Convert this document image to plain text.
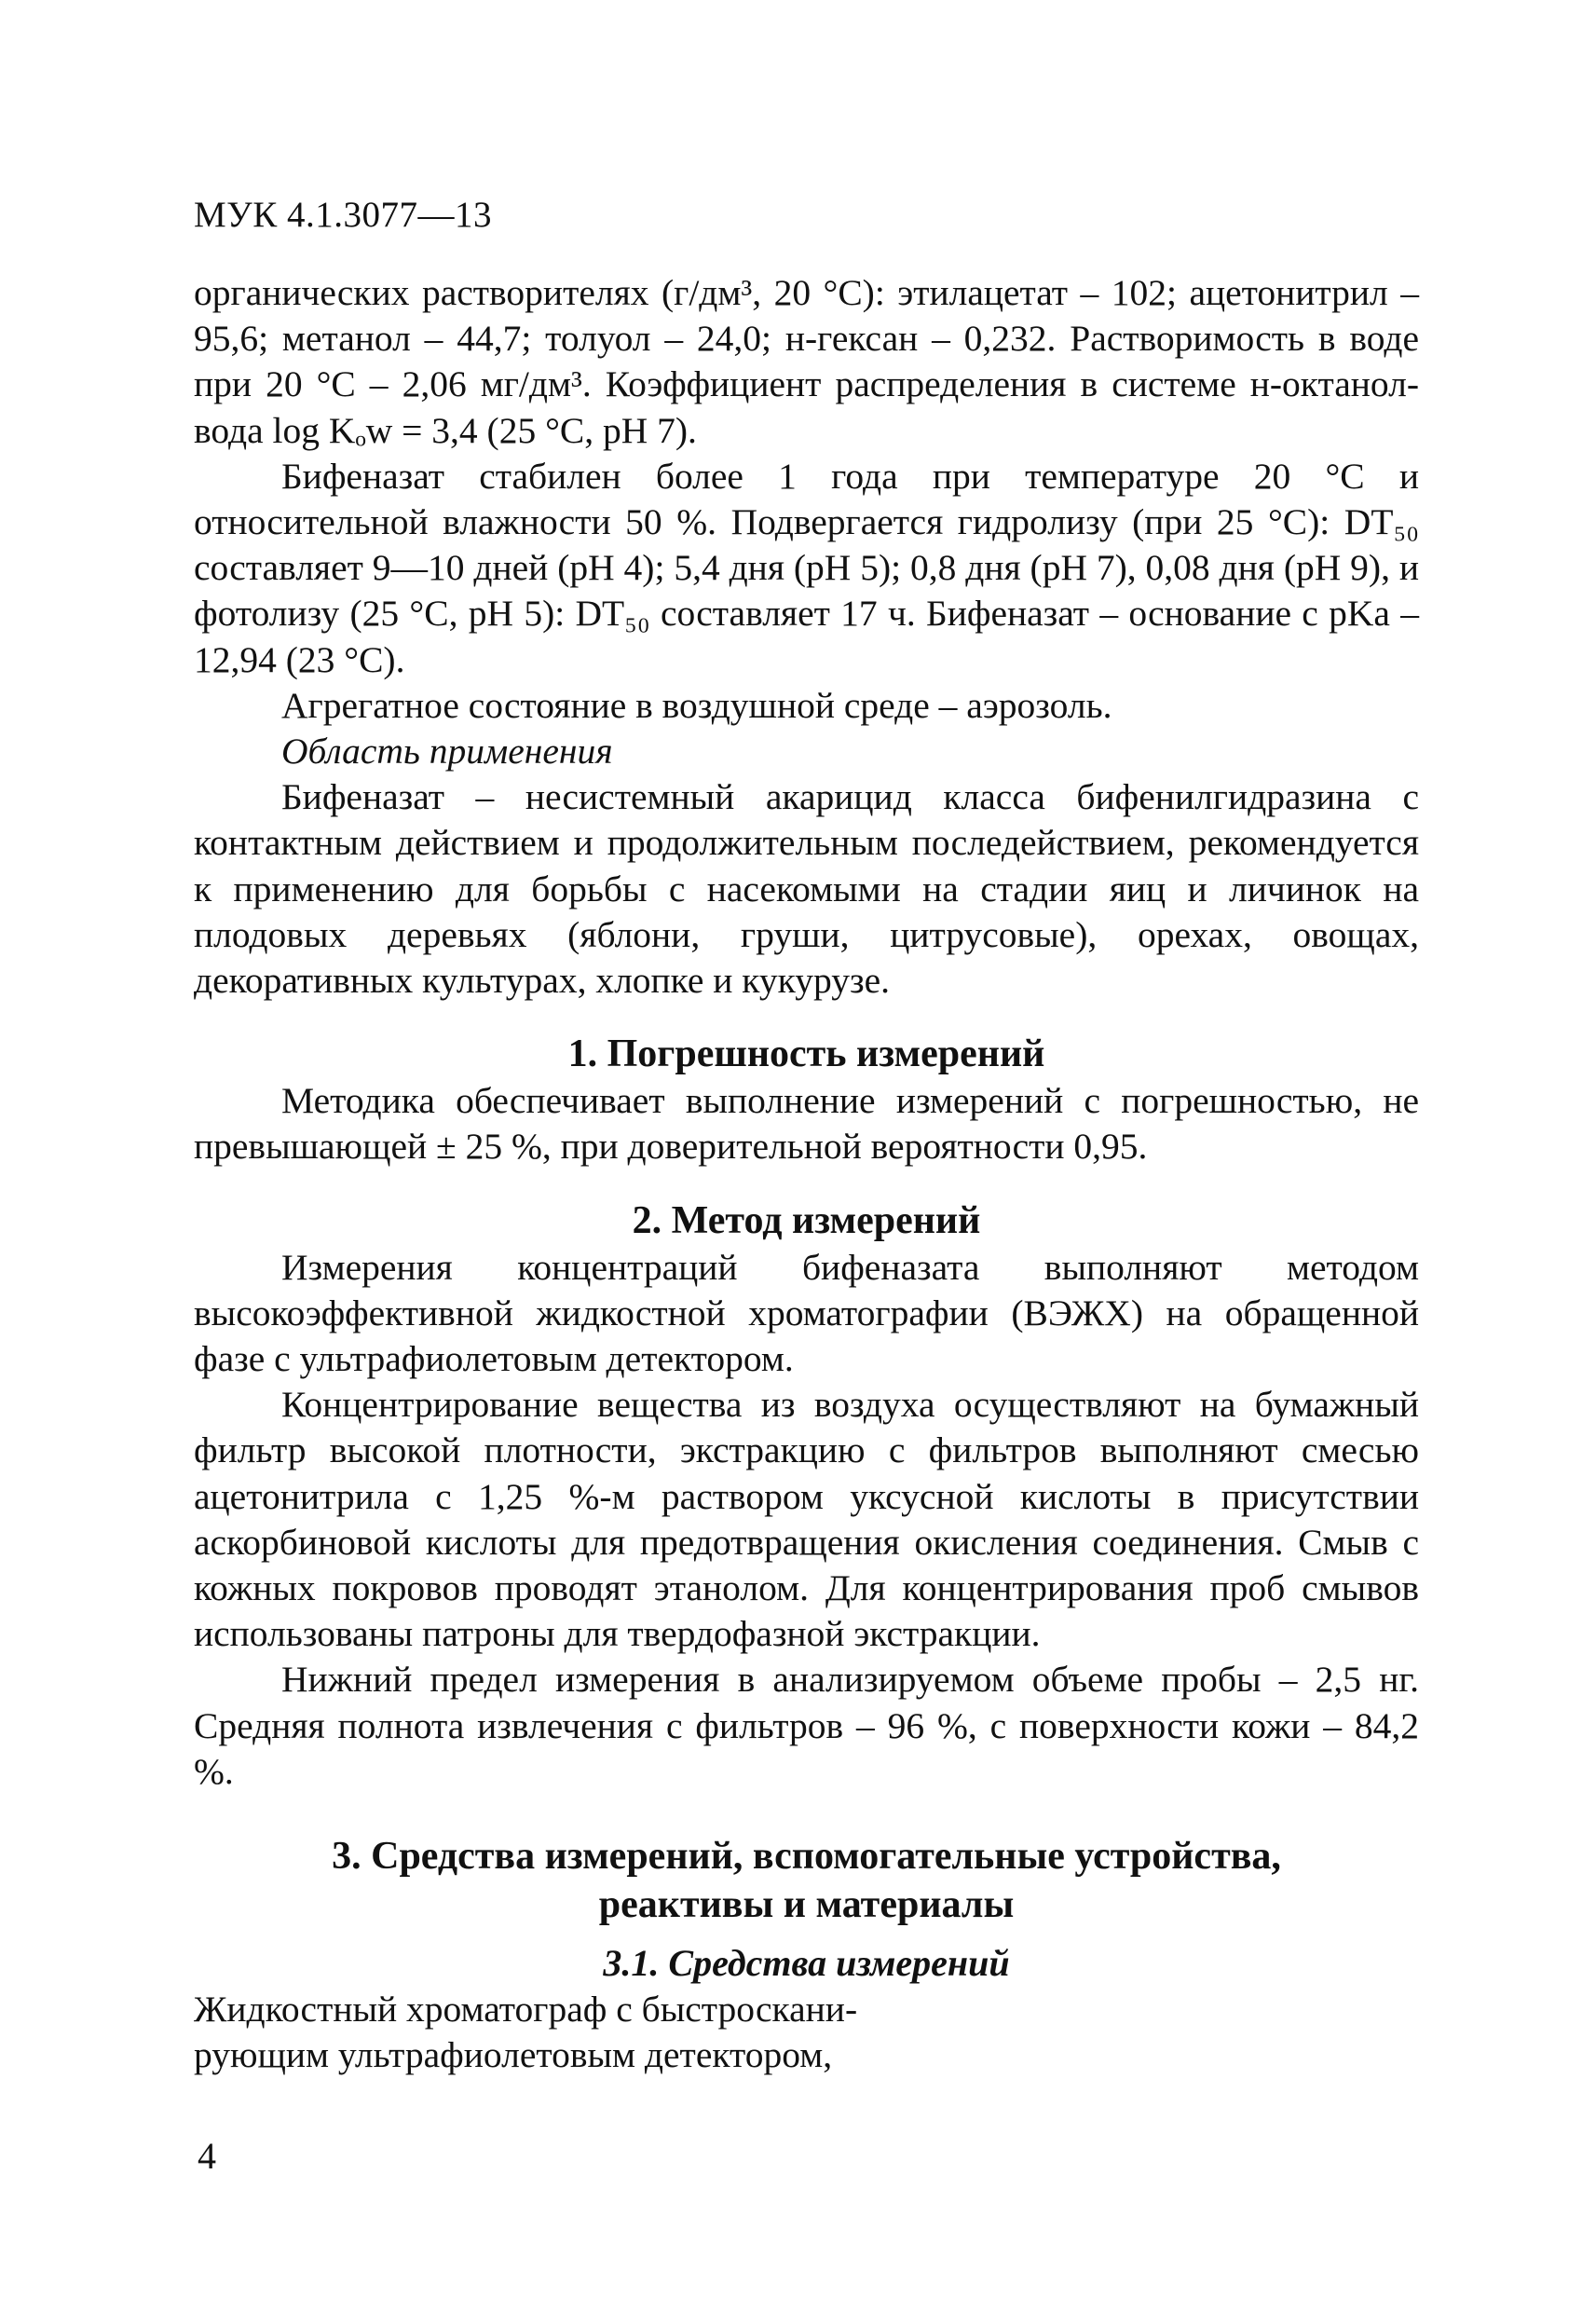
МУК 4.1.3077—13

органических растворителях (г/дм³, 20 °С): этилацетат – 102; ацетонитрил – 95,6; метанол – 44,7; толуол – 24,0; н-гексан – 0,232. Растворимость в воде при 20 °С – 2,06 мг/дм³. Коэффициент распределения в системе н-октанол-вода log Kₒw = 3,4 (25 °С, pH 7).

Бифеназат стабилен более 1 года при температуре 20 °С и относительной влажности 50 %. Подвергается гидролизу (при 25 °С): DT₅₀ составляет 9—10 дней (pH 4); 5,4 дня (pH 5); 0,8 дня (pH 7), 0,08 дня (pH 9), и фотолизу (25 °С, pH 5): DT₅₀ составляет 17 ч. Бифеназат – основание с pKa – 12,94 (23 °С).

Агрегатное состояние в воздушной среде – аэрозоль.

Область применения

Бифеназат – несистемный акарицид класса бифенилгидразина с контактным действием и продолжительным последействием, рекомендуется к применению для борьбы с насекомыми на стадии яиц и личинок на плодовых деревьях (яблони, груши, цитрусовые), орехах, овощах, декоративных культурах, хлопке и кукурузе.

1. Погрешность измерений

Методика обеспечивает выполнение измерений с погрешностью, не превышающей ± 25 %, при доверительной вероятности 0,95.

2. Метод измерений

Измерения концентраций бифеназата выполняют методом высокоэффективной жидкостной хроматографии (ВЭЖХ) на обращенной фазе с ультрафиолетовым детектором.

Концентрирование вещества из воздуха осуществляют на бумажный фильтр высокой плотности, экстракцию с фильтров выполняют смесью ацетонитрила с 1,25 %-м раствором уксусной кислоты в присутствии аскорбиновой кислоты для предотвращения окисления соединения. Смыв с кожных покровов проводят этанолом. Для концентрирования проб смывов использованы патроны для твердофазной экстракции.

Нижний предел измерения в анализируемом объеме пробы – 2,5 нг. Средняя полнота извлечения с фильтров – 96 %, с поверхности кожи – 84,2 %.

3. Средства измерений, вспомогательные устройства,
реактивы и материалы
3.1. Средства измерений

Жидкостный хроматограф с быстроскани-

рующим ультрафиолетовым детектором,

4
